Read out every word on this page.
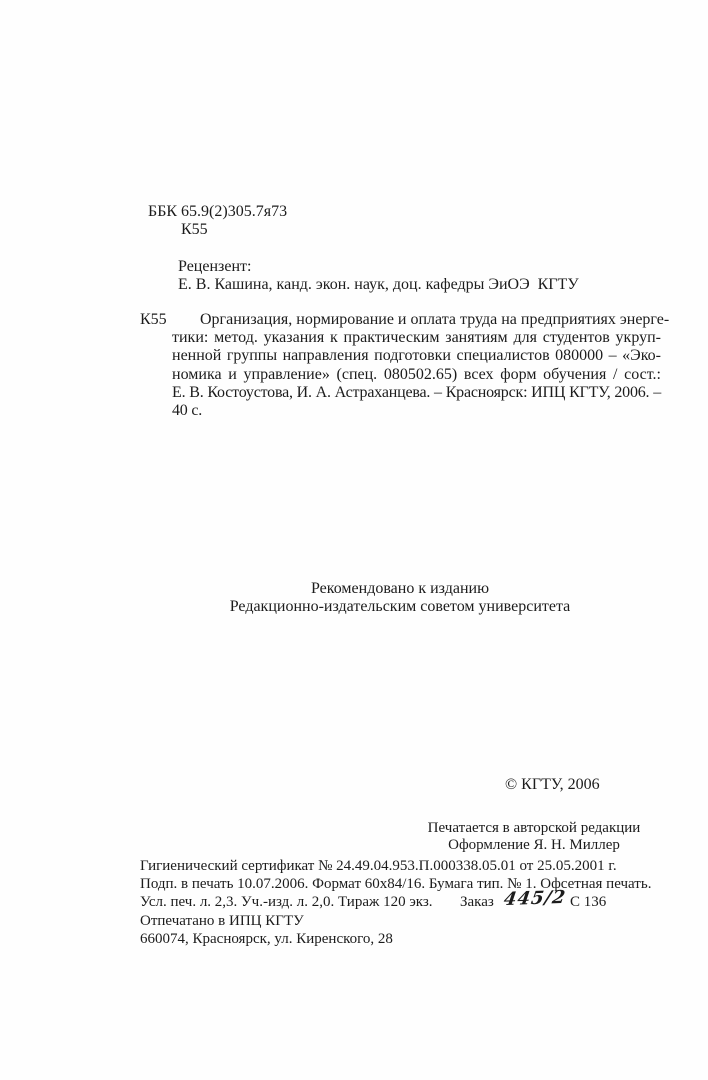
ББК 65.9(2)305.7я73
К55
Рецензент:
Е. В. Кашина, канд. экон. наук, доц. кафедры ЭиОЭ  КГТУ
К55	Организация, нормирование и оплата труда на предприятиях энерге-
тики: метод. указания к практическим занятиям для студентов укруп-
ненной группы направления подготовки специалистов 080000 – «Эко-
номика и управление» (спец. 080502.65) всех форм обучения / сост.:
Е. В. Костоустова, И. А. Астраханцева. – Красноярск: ИПЦ КГТУ, 2006. – 40 с.
Рекомендовано к изданию
Редакционно-издательским советом университета
© КГТУ, 2006
Печатается в авторской редакции
Оформление Я. Н. Миллер
Гигиенический сертификат № 24.49.04.953.П.000338.05.01 от 25.05.2001 г.
Подп. в печать 10.07.2006. Формат 60х84/16. Бумага тип. № 1. Офсетная печать.
Усл. печ. л. 2,3. Уч.-изд. л. 2,0. Тираж 120 экз. Заказ 445/2 С 136
Отпечатано в ИПЦ КГТУ
660074, Красноярск, ул. Киренского, 28
